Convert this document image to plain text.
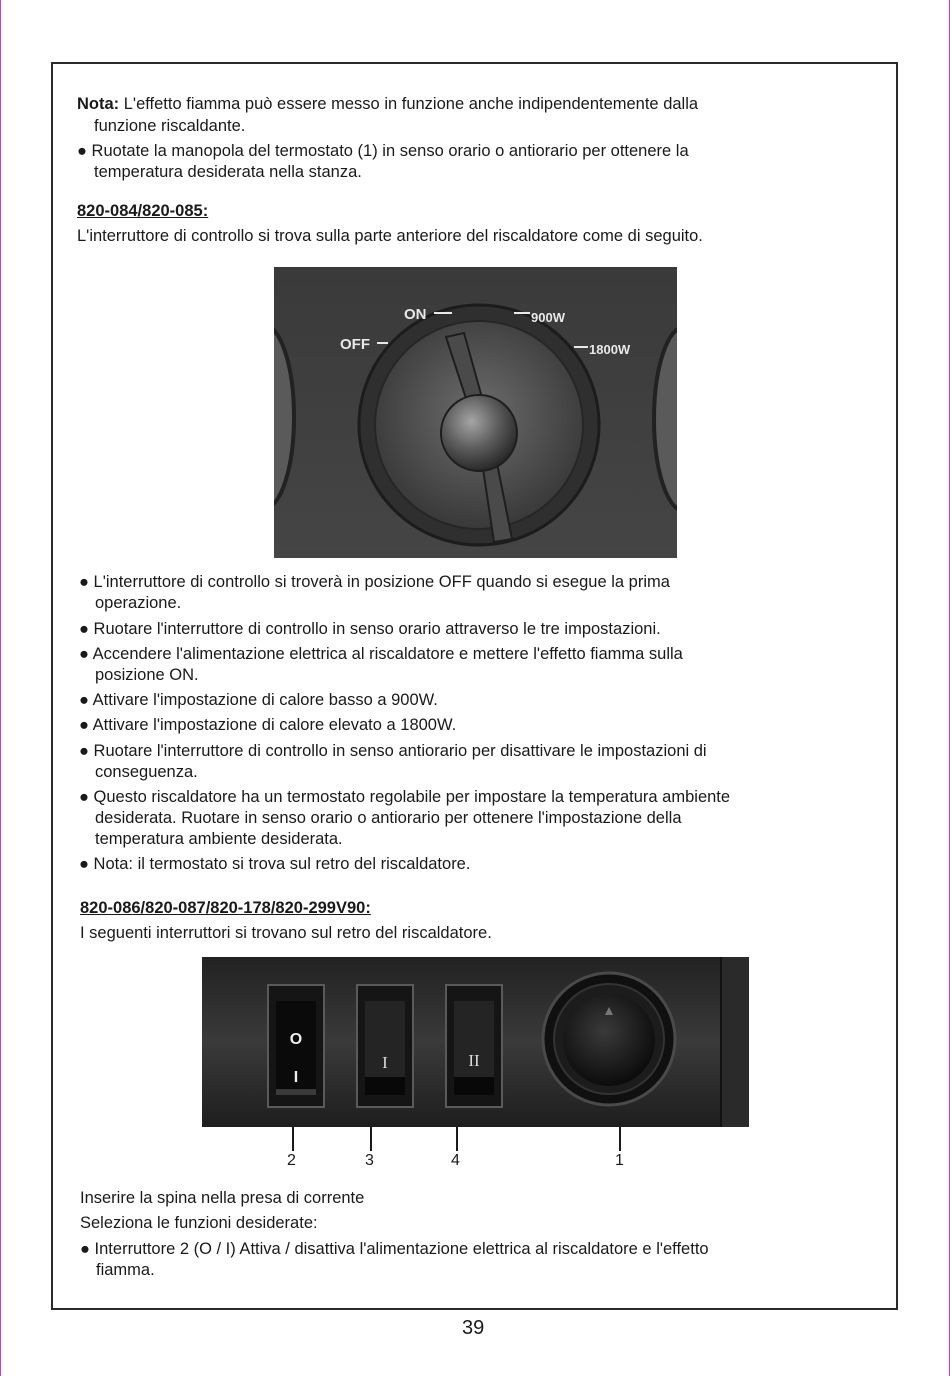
Nota: L'effetto fiamma può essere messo in funzione anche indipendentemente dalla
funzione riscaldante.
● Ruotate la manopola del termostato (1) in senso orario o antiorario per ottenere la
temperatura desiderata nella stanza.
820-084/820-085:
L'interruttore di controllo si trova sulla parte anteriore del riscaldatore come di seguito.
ON
OFF
900W
1800W
● L'interruttore di controllo si troverà in posizione OFF quando si esegue la prima
operazione.
● Ruotare l'interruttore di controllo in senso orario attraverso le tre impostazioni.
● Accendere l'alimentazione elettrica al riscaldatore e mettere l'effetto fiamma sulla
posizione ON.
● Attivare l'impostazione di calore basso a 900W.
● Attivare l'impostazione di calore elevato a 1800W.
● Ruotare l'interruttore di controllo in senso antiorario per disattivare le impostazioni di
conseguenza.
● Questo riscaldatore ha un termostato regolabile per impostare la temperatura ambiente
desiderata. Ruotare in senso orario o antiorario per ottenere l'impostazione della
temperatura ambiente desiderata.
● Nota: il termostato si trova sul retro del riscaldatore.
820-086/820-087/820-178/820-299V90:
I seguenti interruttori si trovano sul retro del riscaldatore.
O
I
I	II
2	3	4	1
Inserire la spina nella presa di corrente
Seleziona le funzioni desiderate:
● Interruttore 2 (O / I) Attiva / disattiva l'alimentazione elettrica al riscaldatore e l'effetto
fiamma.
39
